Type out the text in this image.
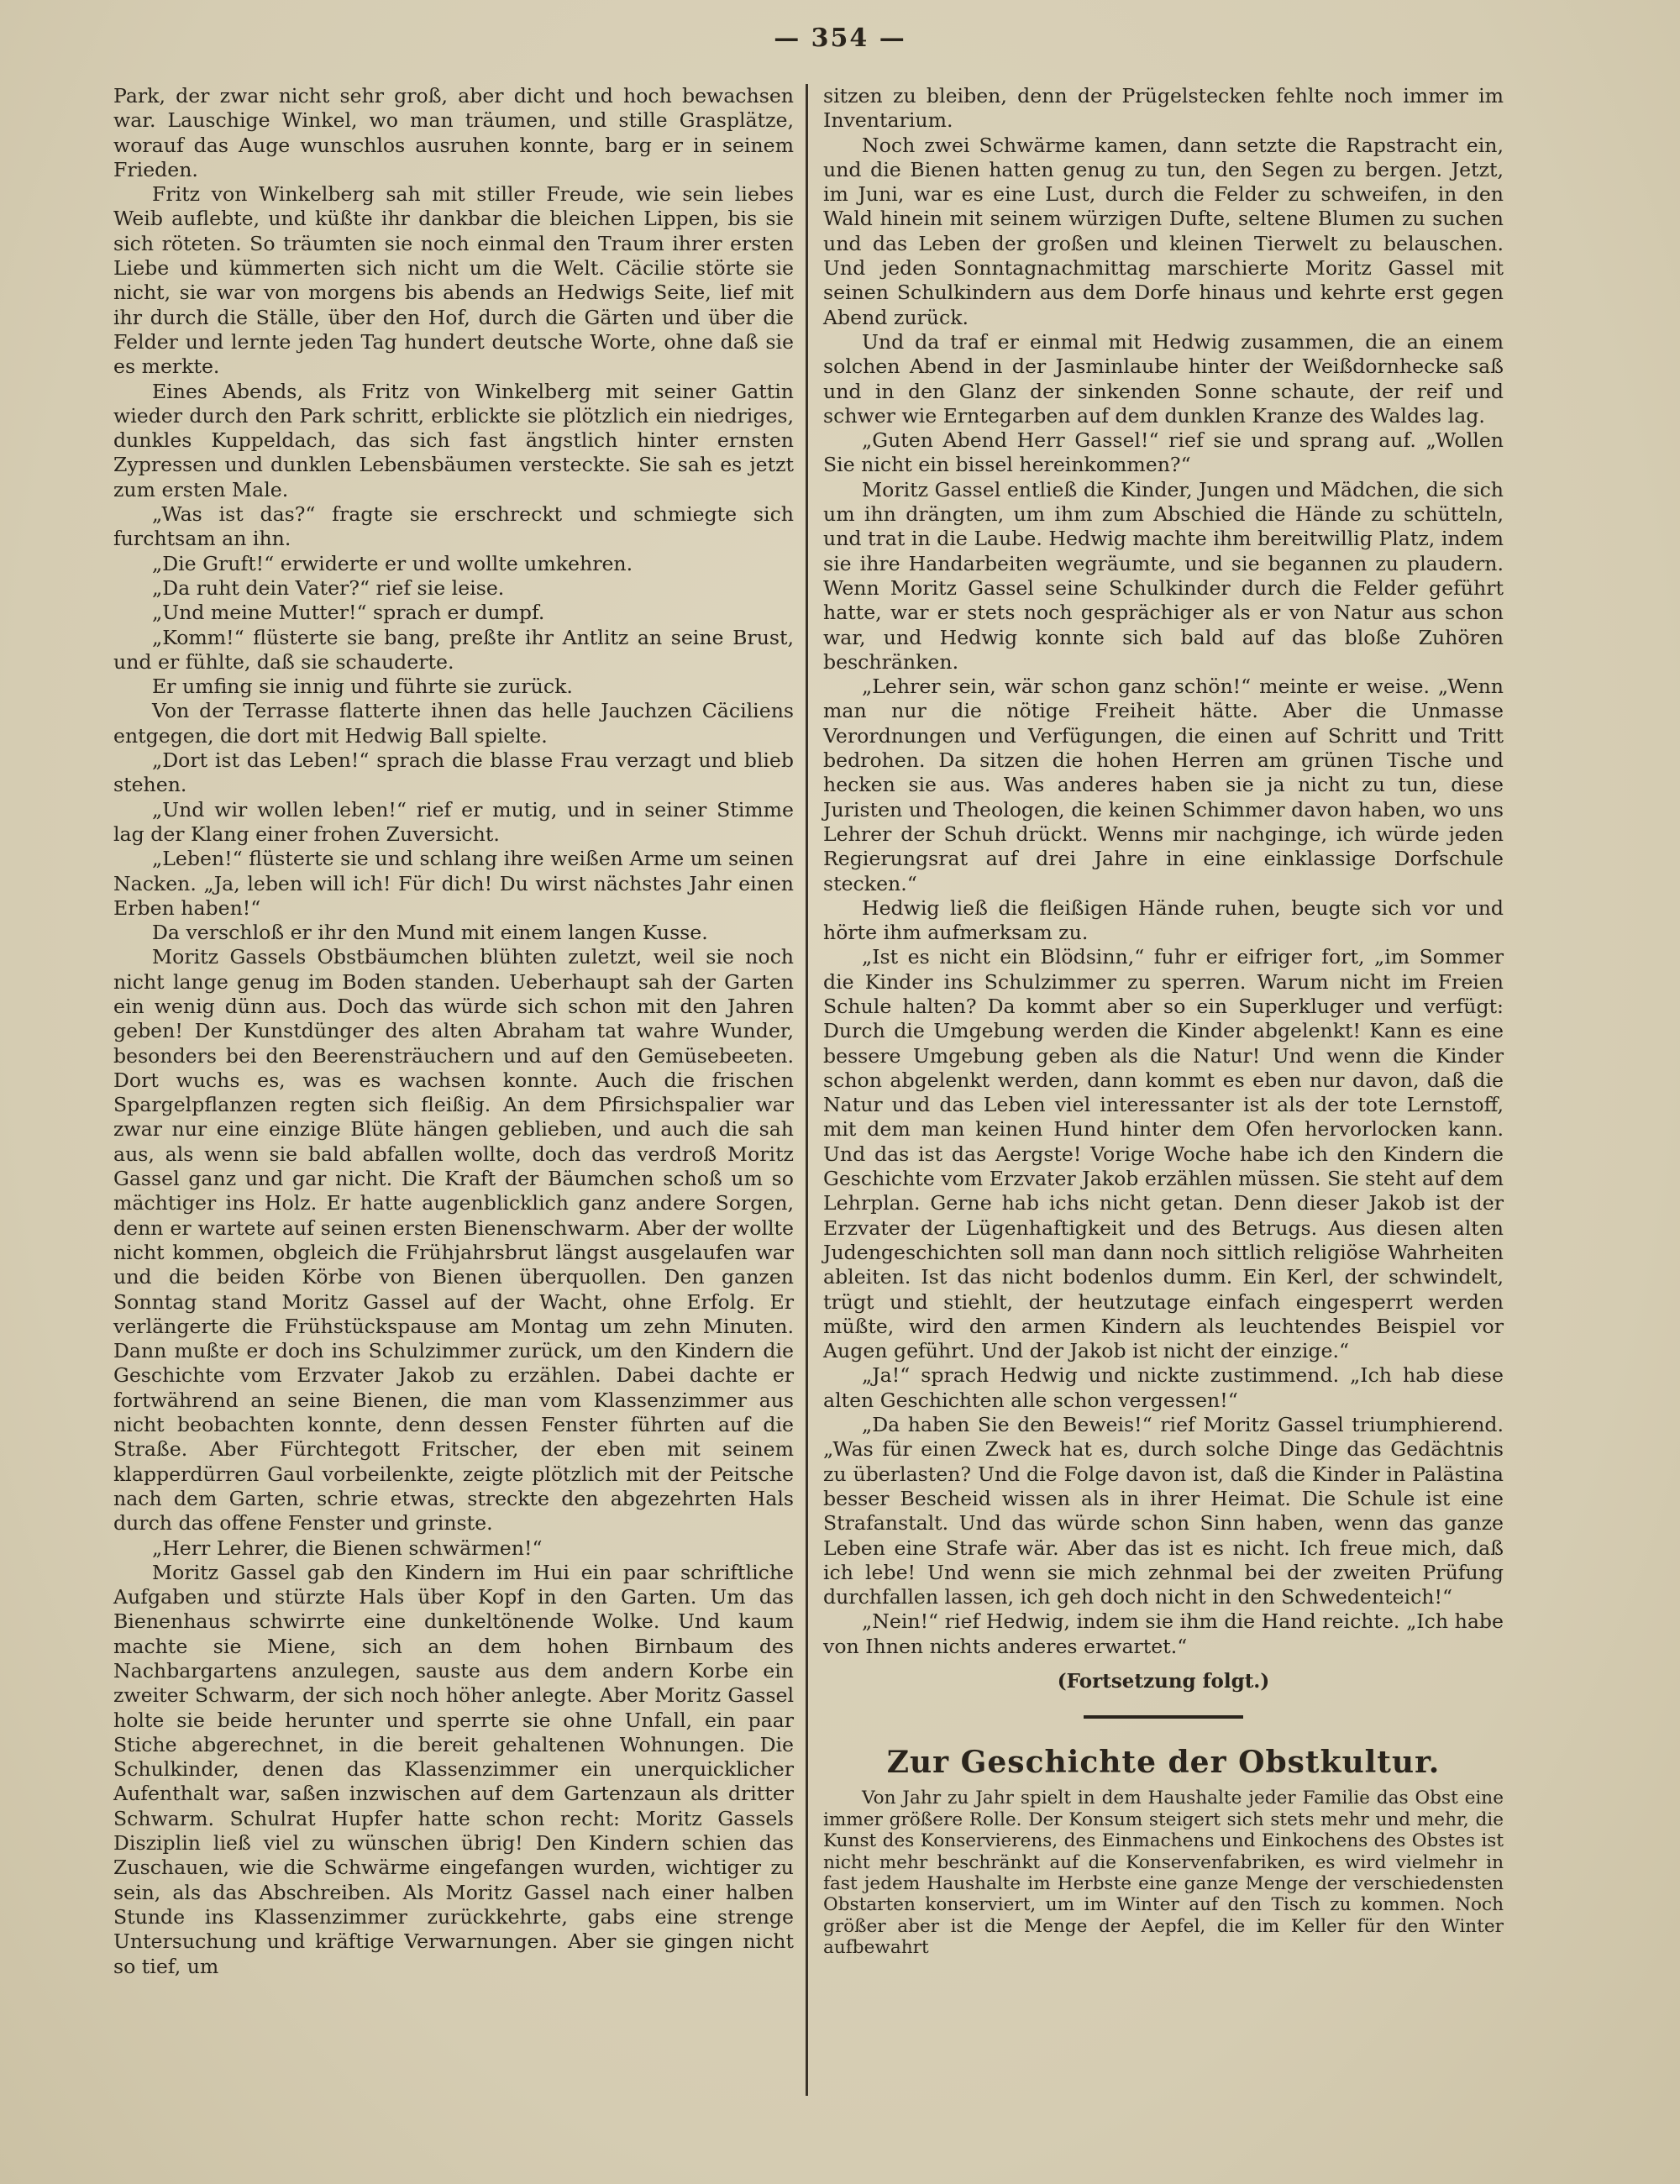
— 354 —

Park, der zwar nicht sehr groß, aber dicht und hoch bewachsen war. Lauschige Winkel, wo man träumen, und stille Grasplätze, worauf das Auge wunschlos ausruhen konnte, barg er in seinem Frieden.

Fritz von Winkelberg sah mit stiller Freude, wie sein liebes Weib auflebte, und küßte ihr dankbar die bleichen Lippen, bis sie sich röteten. So träumten sie noch einmal den Traum ihrer ersten Liebe und kümmerten sich nicht um die Welt. Cäcilie störte sie nicht, sie war von morgens bis abends an Hedwigs Seite, lief mit ihr durch die Ställe, über den Hof, durch die Gärten und über die Felder und lernte jeden Tag hundert deutsche Worte, ohne daß sie es merkte.

Eines Abends, als Fritz von Winkelberg mit seiner Gattin wieder durch den Park schritt, erblickte sie plötzlich ein niedriges, dunkles Kuppeldach, das sich fast ängstlich hinter ernsten Zypressen und dunklen Lebensbäumen versteckte. Sie sah es jetzt zum ersten Male.

„Was ist das?“ fragte sie erschreckt und schmiegte sich furchtsam an ihn.

„Die Gruft!“ erwiderte er und wollte umkehren.

„Da ruht dein Vater?“ rief sie leise.

„Und meine Mutter!“ sprach er dumpf.

„Komm!“ flüsterte sie bang, preßte ihr Antlitz an seine Brust, und er fühlte, daß sie schauderte.

Er umfing sie innig und führte sie zurück.

Von der Terrasse flatterte ihnen das helle Jauchzen Cäciliens entgegen, die dort mit Hedwig Ball spielte.

„Dort ist das Leben!“ sprach die blasse Frau verzagt und blieb stehen.

„Und wir wollen leben!“ rief er mutig, und in seiner Stimme lag der Klang einer frohen Zuversicht.

„Leben!“ flüsterte sie und schlang ihre weißen Arme um seinen Nacken. „Ja, leben will ich! Für dich! Du wirst nächstes Jahr einen Erben haben!“

Da verschloß er ihr den Mund mit einem langen Kusse.

Moritz Gassels Obstbäumchen blühten zuletzt, weil sie noch nicht lange genug im Boden standen. Ueberhaupt sah der Garten ein wenig dünn aus. Doch das würde sich schon mit den Jahren geben! Der Kunstdünger des alten Abraham tat wahre Wunder, besonders bei den Beerensträuchern und auf den Gemüsebeeten. Dort wuchs es, was es wachsen konnte. Auch die frischen Spargelpflanzen regten sich fleißig. An dem Pfirsichspalier war zwar nur eine einzige Blüte hängen geblieben, und auch die sah aus, als wenn sie bald abfallen wollte, doch das verdroß Moritz Gassel ganz und gar nicht. Die Kraft der Bäumchen schoß um so mächtiger ins Holz. Er hatte augenblicklich ganz andere Sorgen, denn er wartete auf seinen ersten Bienenschwarm. Aber der wollte nicht kommen, obgleich die Frühjahrsbrut längst ausgelaufen war und die beiden Körbe von Bienen überquollen. Den ganzen Sonntag stand Moritz Gassel auf der Wacht, ohne Erfolg. Er verlängerte die Frühstückspause am Montag um zehn Minuten. Dann mußte er doch ins Schulzimmer zurück, um den Kindern die Geschichte vom Erzvater Jakob zu erzählen. Dabei dachte er fortwährend an seine Bienen, die man vom Klassenzimmer aus nicht beobachten konnte, denn dessen Fenster führten auf die Straße. Aber Fürchtegott Fritscher, der eben mit seinem klapperdürren Gaul vorbeilenkte, zeigte plötzlich mit der Peitsche nach dem Garten, schrie etwas, streckte den abgezehrten Hals durch das offene Fenster und grinste.

„Herr Lehrer, die Bienen schwärmen!“

Moritz Gassel gab den Kindern im Hui ein paar schriftliche Aufgaben und stürzte Hals über Kopf in den Garten. Um das Bienenhaus schwirrte eine dunkeltönende Wolke. Und kaum machte sie Miene, sich an dem hohen Birnbaum des Nachbargartens anzulegen, sauste aus dem andern Korbe ein zweiter Schwarm, der sich noch höher anlegte. Aber Moritz Gassel holte sie beide herunter und sperrte sie ohne Unfall, ein paar Stiche abgerechnet, in die bereit gehaltenen Wohnungen. Die Schulkinder, denen das Klassenzimmer ein unerquicklicher Aufenthalt war, saßen inzwischen auf dem Gartenzaun als dritter Schwarm. Schulrat Hupfer hatte schon recht: Moritz Gassels Disziplin ließ viel zu wünschen übrig! Den Kindern schien das Zuschauen, wie die Schwärme eingefangen wurden, wichtiger zu sein, als das Abschreiben. Als Moritz Gassel nach einer halben Stunde ins Klassenzimmer zurückkehrte, gabs eine strenge Untersuchung und kräftige Verwarnungen. Aber sie gingen nicht so tief, um

sitzen zu bleiben, denn der Prügelstecken fehlte noch immer im Inventarium.

Noch zwei Schwärme kamen, dann setzte die Rapstracht ein, und die Bienen hatten genug zu tun, den Segen zu bergen. Jetzt, im Juni, war es eine Lust, durch die Felder zu schweifen, in den Wald hinein mit seinem würzigen Dufte, seltene Blumen zu suchen und das Leben der großen und kleinen Tierwelt zu belauschen. Und jeden Sonntagnachmittag marschierte Moritz Gassel mit seinen Schulkindern aus dem Dorfe hinaus und kehrte erst gegen Abend zurück.

Und da traf er einmal mit Hedwig zusammen, die an einem solchen Abend in der Jasminlaube hinter der Weißdornhecke saß und in den Glanz der sinkenden Sonne schaute, der reif und schwer wie Erntegarben auf dem dunklen Kranze des Waldes lag.

„Guten Abend Herr Gassel!“ rief sie und sprang auf. „Wollen Sie nicht ein bissel hereinkommen?“

Moritz Gassel entließ die Kinder, Jungen und Mädchen, die sich um ihn drängten, um ihm zum Abschied die Hände zu schütteln, und trat in die Laube. Hedwig machte ihm bereitwillig Platz, indem sie ihre Handarbeiten wegräumte, und sie begannen zu plaudern. Wenn Moritz Gassel seine Schulkinder durch die Felder geführt hatte, war er stets noch gesprächiger als er von Natur aus schon war, und Hedwig konnte sich bald auf das bloße Zuhören beschränken.

„Lehrer sein, wär schon ganz schön!“ meinte er weise. „Wenn man nur die nötige Freiheit hätte. Aber die Unmasse Verordnungen und Verfügungen, die einen auf Schritt und Tritt bedrohen. Da sitzen die hohen Herren am grünen Tische und hecken sie aus. Was anderes haben sie ja nicht zu tun, diese Juristen und Theologen, die keinen Schimmer davon haben, wo uns Lehrer der Schuh drückt. Wenns mir nachginge, ich würde jeden Regierungsrat auf drei Jahre in eine einklassige Dorfschule stecken.“

Hedwig ließ die fleißigen Hände ruhen, beugte sich vor und hörte ihm aufmerksam zu.

„Ist es nicht ein Blödsinn,“ fuhr er eifriger fort, „im Sommer die Kinder ins Schulzimmer zu sperren. Warum nicht im Freien Schule halten? Da kommt aber so ein Superkluger und verfügt: Durch die Umgebung werden die Kinder abgelenkt! Kann es eine bessere Umgebung geben als die Natur! Und wenn die Kinder schon abgelenkt werden, dann kommt es eben nur davon, daß die Natur und das Leben viel interessanter ist als der tote Lernstoff, mit dem man keinen Hund hinter dem Ofen hervorlocken kann. Und das ist das Aergste! Vorige Woche habe ich den Kindern die Geschichte vom Erzvater Jakob erzählen müssen. Sie steht auf dem Lehrplan. Gerne hab ichs nicht getan. Denn dieser Jakob ist der Erzvater der Lügenhaftigkeit und des Betrugs. Aus diesen alten Judengeschichten soll man dann noch sittlich religiöse Wahrheiten ableiten. Ist das nicht bodenlos dumm. Ein Kerl, der schwindelt, trügt und stiehlt, der heutzutage einfach eingesperrt werden müßte, wird den armen Kindern als leuchtendes Beispiel vor Augen geführt. Und der Jakob ist nicht der einzige.“

„Ja!“ sprach Hedwig und nickte zustimmend. „Ich hab diese alten Geschichten alle schon vergessen!“

„Da haben Sie den Beweis!“ rief Moritz Gassel triumphierend. „Was für einen Zweck hat es, durch solche Dinge das Gedächtnis zu überlasten? Und die Folge davon ist, daß die Kinder in Palästina besser Bescheid wissen als in ihrer Heimat. Die Schule ist eine Strafanstalt. Und das würde schon Sinn haben, wenn das ganze Leben eine Strafe wär. Aber das ist es nicht. Ich freue mich, daß ich lebe! Und wenn sie mich zehnmal bei der zweiten Prüfung durchfallen lassen, ich geh doch nicht in den Schwedenteich!“

„Nein!“ rief Hedwig, indem sie ihm die Hand reichte. „Ich habe von Ihnen nichts anderes erwartet.“

(Fortsetzung folgt.)

Zur Geschichte der Obstkultur.

Von Jahr zu Jahr spielt in dem Haushalte jeder Familie das Obst eine immer größere Rolle. Der Konsum steigert sich stets mehr und mehr, die Kunst des Konservierens, des Einmachens und Einkochens des Obstes ist nicht mehr beschränkt auf die Konservenfabriken, es wird vielmehr in fast jedem Haushalte im Herbste eine ganze Menge der verschiedensten Obstarten konserviert, um im Winter auf den Tisch zu kommen. Noch größer aber ist die Menge der Aepfel, die im Keller für den Winter aufbewahrt
